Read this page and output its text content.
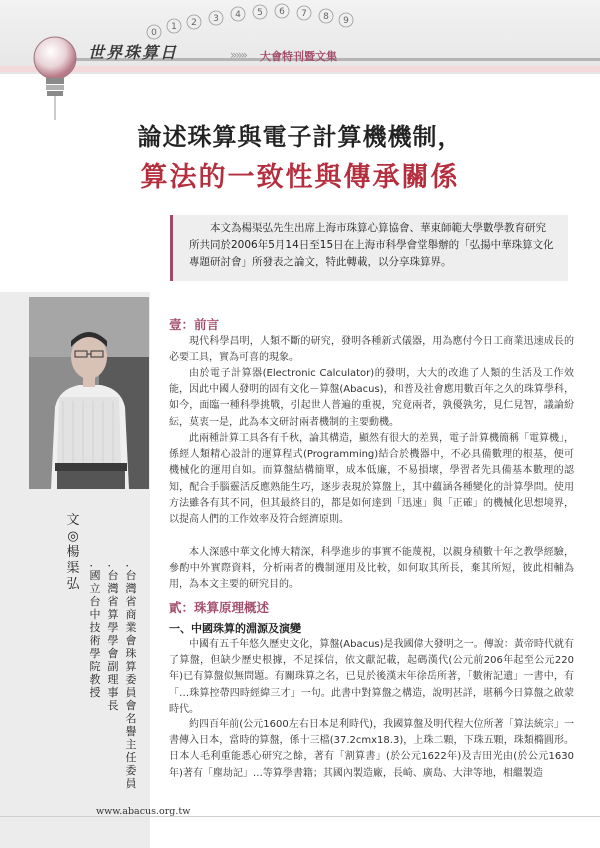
0
1 2 3 4 5 6 7 8 9
世界珠算日	»»» 大會特刊暨文集
論述珠算與電子計算機機制，
算法的一致性與傳承關係
本文為楊渠弘先生出席上海市珠算心算協會、華東師範大學數學教育研究所共同於2006年5月14日至15日在上海市科學會堂舉辦的「弘揚中華珠算文化專題研討會」所發表之論文，特此轉載，以分享珠算界。
文
◎
楊
渠
弘
．
台
灣
省
商
業
會
珠
算
委
員
會
名
譽
主
任
委
員
．
台
灣
省
算
學
學
會
副
理
事
長
．
國
立
台
中
技
術
學
院
教
授
壹：前言

現代科學昌明，人類不斷的研究，發明各種新式儀器，用為應付今日工商業迅速成長的必要工具，實為可喜的現象。

由於電子計算器(Electronic Calculator)的發明，大大的改進了人類的生活及工作效能，因此中國人發明的固有文化－算盤(Abacus)，和普及社會應用數百年之久的珠算學科，如今，面臨一種科學挑戰，引起世人普遍的重視，究竟兩者，孰優孰劣，見仁見智，議論紛紜，莫衷一是，此為本文研討兩者機制的主要動機。

此兩種計算工具各有千秋，論其構造，顯然有很大的差異，電子計算機簡稱「電算機」，係經人類精心設計的運算程式(Programming)結合於機器中，不必具備數理的根基，便可機械化的運用自如。而算盤結構簡單，成本低廉，不易損壞，學習者先具備基本數理的認知，配合手腦靈活反應熟能生巧，逐步表現於算盤上，其中蘊涵各種變化的計算學問。使用方法雖各有其不同，但其最終目的，都是如何達到「迅速」與「正確」的機械化思想境界，以提高人們的工作效率及符合經濟原則。

本人深感中華文化博大精深，科學進步的事實不能蔑視，以親身積數十年之教學經驗，參酌中外實際資料，分析兩者的機制運用及比較，如何取其所長，棄其所短，彼此相輔為用，為本文主要的研究目的。

貳：珠算原理概述
一、中國珠算的淵源及演變

中國有五千年悠久歷史文化，算盤(Abacus)是我國偉大發明之一。傳說：黃帝時代就有了算盤，但缺少歷史根據，不足採信，依文獻記載，起碼漢代(公元前206年起至公元220年)已有算盤似無問題。有關珠算之名，已見於後漢末年徐岳所著，「數術記遺」一書中，有「…珠算控帶四時經緯三才」一句。此書中對算盤之構造，說明甚詳，堪稱今日算盤之啟蒙時代。

約四百年前(公元1600左右日本足利時代)，我國算盤及明代程大位所著「算法統宗」一書傳入日本，當時的算盤，係十三檔(37.2cmx18.3)，上珠二顆，下珠五顆，珠類橢圓形。日本人毛利重能悉心研究之餘，著有「割算書」(於公元1622年)及吉田光由(於公元1630年)著有「塵劫記」…等算學書籍；其國內製造廠，長崎、廣島、大津等地，相繼製造

www.abacus.org.tw
